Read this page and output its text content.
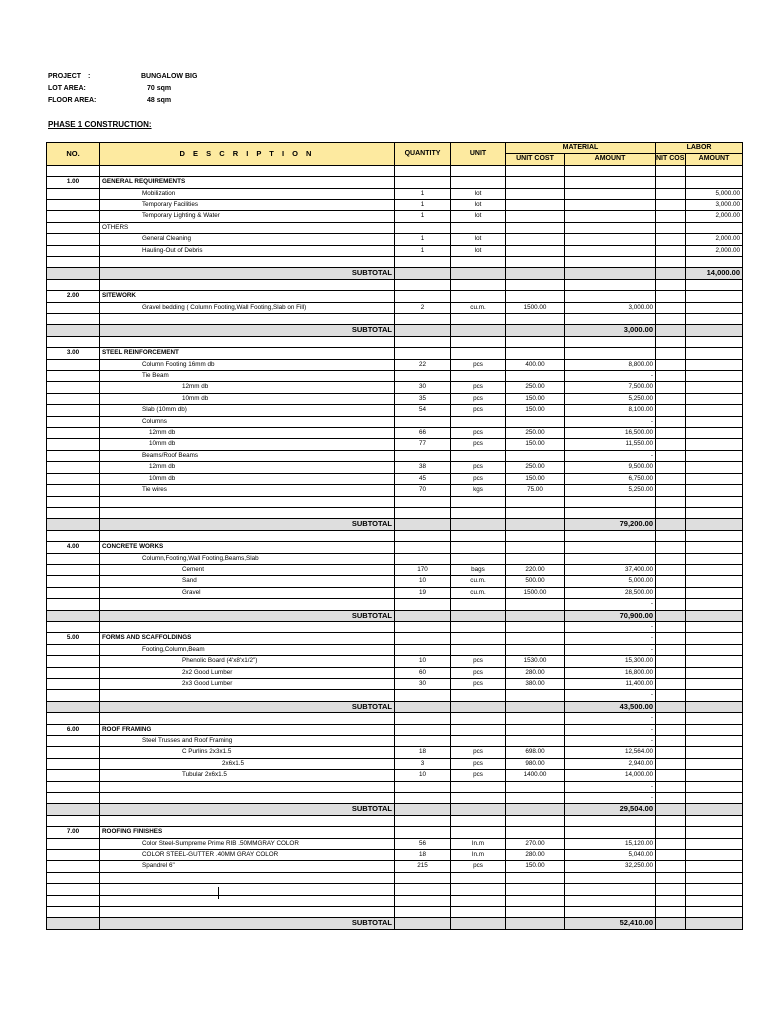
PROJECT :	BUNGALOW BIG
LOT AREA:	70 sqm
FLOOR AREA:	48 sqm
PHASE 1 CONSTRUCTION:
NO.	D E S C R I P T I O N	QUANTITY	UNIT	MATERIAL		LABOR	
				UNIT COST	AMOUNT	NIT COS	AMOUNT

1.00	GENERAL REQUIREMENTS						
	Mobilization	1	lot				5,000.00
	Temporary Facilities	1	lot				3,000.00
	Temporary Lighting & Water	1	lot				2,000.00
	OTHERS						
	General Cleaning	1	lot				2,000.00
	Hauling-Out of Debris	1	lot				2,000.00

	SUBTOTAL						14,000.00

2.00	SITEWORK						
	Gravel bedding ( Column Footing,Wall Footing,Slab on Fill)	2	cu.m.	1500.00	3,000.00		

	SUBTOTAL				3,000.00		

3.00	STEEL REINFORCEMENT						
	Column Footing 16mm db	22	pcs	400.00	8,800.00		
	Tie Beam				-		
	12mm db	30	pcs	250.00	7,500.00		
	10mm db	35	pcs	150.00	5,250.00		
	Slab (10mm db)	54	pcs	150.00	8,100.00		
	Columns				-		
	12mm db	66	pcs	250.00	16,500.00		
	10mm db	77	pcs	150.00	11,550.00		
	Beams/Roof Beams				-		
	12mm db	38	pcs	250.00	9,500.00		
	10mm db	45	pcs	150.00	6,750.00		
	Tie wires	70	kgs	75.00	5,250.00		

	SUBTOTAL				79,200.00		

4.00	CONCRETE WORKS						
	Column,Footing,Wall Footing,Beams,Slab						
	Cement	170	bags	220.00	37,400.00		
	Sand	10	cu.m.	500.00	5,000.00		
	Gravel	19	cu.m.	1500.00	28,500.00		
					-		
	SUBTOTAL				70,900.00		
					-		
5.00	FORMS AND SCAFFOLDINGS				-		
	Footing,Column,Beam				-		
	Phenolic Board (4'x8'x1/2")	10	pcs	1530.00	15,300.00		
	2x2 Good Lumber	60	pcs	280.00	16,800.00		
	2x3 Good Lumber	30	pcs	380.00	11,400.00		
					-		
	SUBTOTAL				43,500.00		
					-		
6.00	ROOF FRAMING				-		
	Steel Trusses and Roof Framing				-		
	C Purlins 2x3x1.5	18	pcs	698.00	12,564.00		
	2x6x1.5	3	pcs	980.00	2,940.00		
	Tubular 2x6x1.5	10	pcs	1400.00	14,000.00		
					-		
					-		
	SUBTOTAL				29,504.00		

7.00	ROOFING FINISHES						
	Color Steel-Sumpreme Prime RIB .50MMGRAY COLOR	56	ln.m	270.00	15,120.00		
	COLOR STEEL-GUTTER .40MM GRAY COLOR	18	ln.m	280.00	5,040.00		
	Spandrel 6"	215	pcs	150.00	32,250.00		

	SUBTOTAL				52,410.00		
